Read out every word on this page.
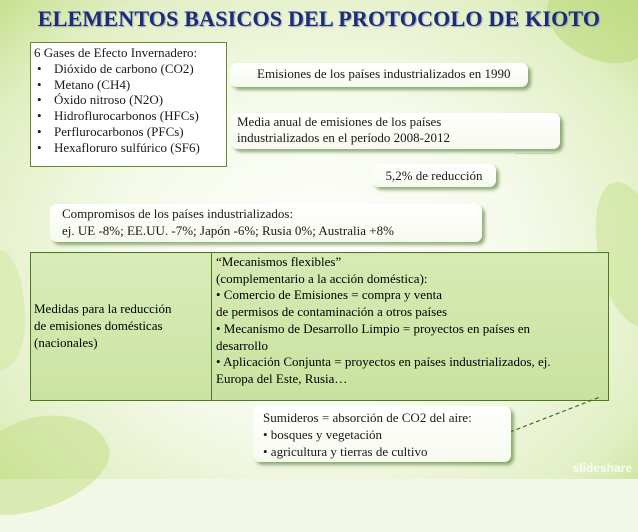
ELEMENTOS BASICOS DEL PROTOCOLO DE KIOTO
6 Gases de Efecto Invernadero:
• Dióxido de carbono (CO2)
• Metano (CH4)
• Óxido nitroso (N2O)
• Hidroflurocarbonos (HFCs)
• Perflurocarbonos (PFCs)
• Hexafloruro sulfúrico (SF6)
Emisiones de los países industrializados en 1990
Media anual de emisiones de los países
industrializados en el período 2008-2012
5,2% de reducción
Compromisos de los países industrializados:
ej. UE -8%; EE.UU. -7%; Japón -6%; Rusia 0%; Australia +8%
Medidas para la reducción
de emisiones domésticas
(nacionales)

“Mecanismos flexibles”
(complementario a la acción doméstica):
• Comercio de Emisiones = compra y venta
de permisos de contaminación a otros países
• Mecanismo de Desarrollo Limpio = proyectos en países en
desarrollo
• Aplicación Conjunta = proyectos en países industrializados, ej.
Europa del Este, Rusia…
Sumideros = absorción de CO2 del aire:
• bosques y vegetación
• agricultura y tierras de cultivo
slideshare
